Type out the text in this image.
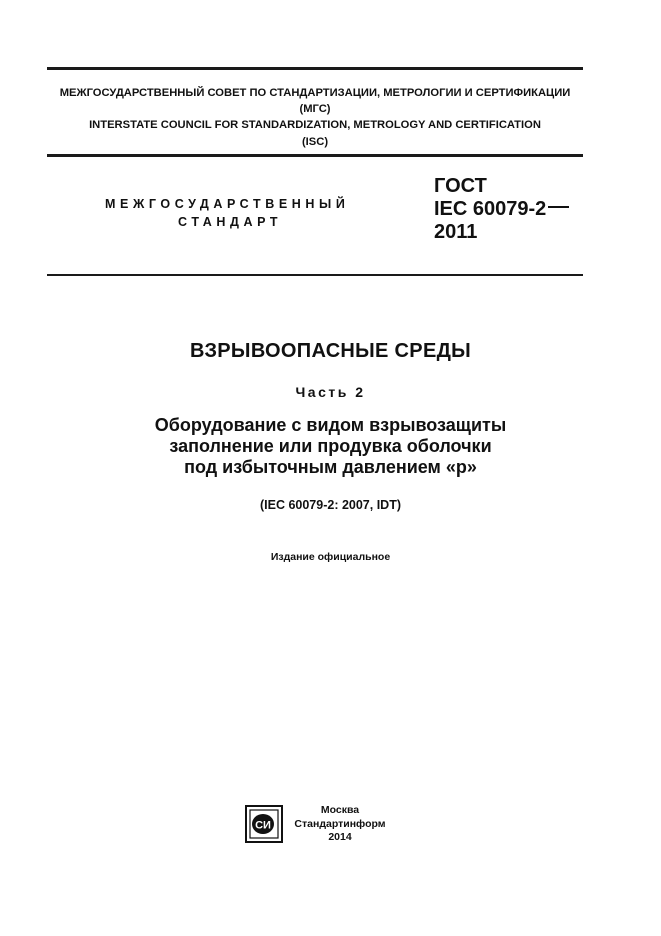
МЕЖГОСУДАРСТВЕННЫЙ СОВЕТ ПО СТАНДАРТИЗАЦИИ, МЕТРОЛОГИИ И СЕРТИФИКАЦИИ
(МГС)
INTERSTATE COUNCIL FOR STANDARDIZATION, METROLOGY AND CERTIFICATION
(ISC)
МЕЖГОСУДАРСТВЕННЫЙ
СТАНДАРТ
ГОСТ
IEC 60079-2
2011
ВЗРЫВООПАСНЫЕ СРЕДЫ
Часть 2
Оборудование с видом взрывозащиты
заполнение или продувка оболочки
под избыточным давлением «р»
(IEC 60079-2: 2007, IDT)
Издание официальное
СИ
Москва
Стандартинформ
2014
